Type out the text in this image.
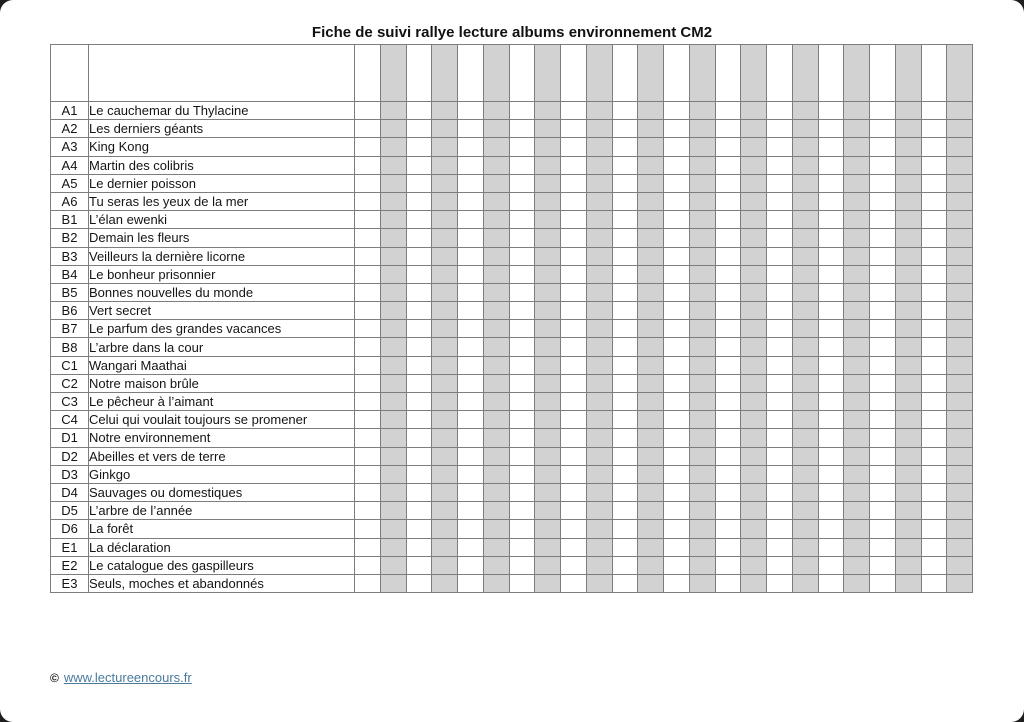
Fiche de suivi rallye lecture albums environnement CM2

A1	Le cauchemar du Thylacine																								
A2	Les derniers géants																								
A3	King Kong																								
A4	Martin des colibris																								
A5	Le dernier poisson																								
A6	Tu seras les yeux de la mer																								
B1	L’élan ewenki																								
B2	Demain les fleurs																								
B3	Veilleurs la dernière licorne																								
B4	Le bonheur prisonnier																								
B5	Bonnes nouvelles du monde																								
B6	Vert secret																								
B7	Le parfum des grandes vacances																								
B8	L’arbre dans la cour																								
C1	Wangari Maathai																								
C2	Notre maison brûle																								
C3	Le pêcheur à l’aimant																								
C4	Celui qui voulait toujours se promener																								
D1	Notre environnement																								
D2	Abeilles et vers de terre																								
D3	Ginkgo																								
D4	Sauvages ou domestiques																								
D5	L’arbre de l’année																								
D6	La forêt																								
E1	La déclaration																								
E2	Le catalogue des gaspilleurs																								
E3	Seuls, moches et abandonnés																								
© www.lectureencours.fr
